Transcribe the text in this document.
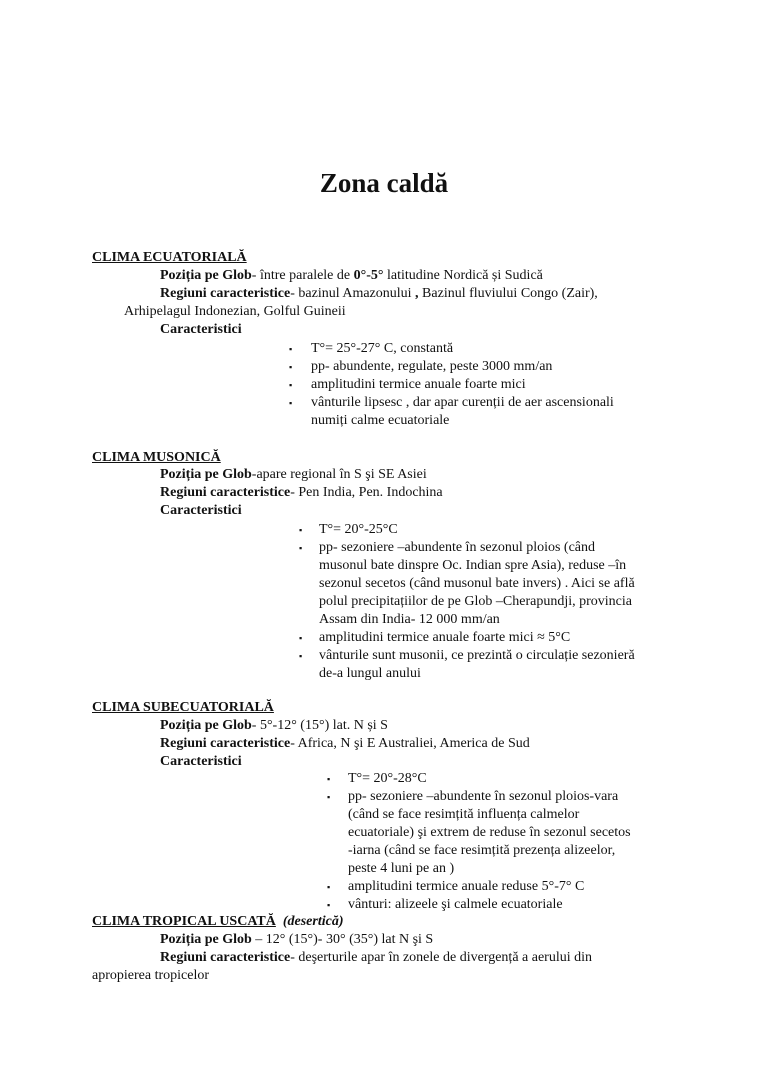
Zona caldă
CLIMA ECUATORIALĂ
Poziția pe Glob- între paralele de 0°-5° latitudine Nordică și Sudică
Regiuni caracteristice- bazinul Amazonului , Bazinul fluviului Congo (Zair),
Arhipelagul Indonezian, Golful Guineii
Caracteristici
▪ T°= 25°-27° C, constantă
▪ pp- abundente, regulate, peste 3000 mm/an
▪ amplitudini termice anuale foarte mici
▪ vânturile lipsesc , dar apar curenții de aer ascensionali
numiți calme ecuatoriale
CLIMA MUSONICĂ
Poziția pe Glob-apare regional în S şi SE Asiei
Regiuni caracteristice- Pen India, Pen. Indochina
Caracteristici
▪ T°= 20°-25°C
▪ pp- sezoniere –abundente în sezonul ploios (când
musonul bate dinspre Oc. Indian spre Asia), reduse –în
sezonul secetos (când musonul bate invers) . Aici se află
polul precipitațiilor de pe Glob –Cherapundji, provincia
Assam din India- 12 000 mm/an
▪ amplitudini termice anuale foarte mici ≈ 5°C
▪ vânturile sunt musonii, ce prezintă o circulație sezonieră
de-a lungul anului
CLIMA SUBECUATORIALĂ
Poziția pe Glob- 5°-12° (15°) lat. N și S
Regiuni caracteristice- Africa, N şi E Australiei, America de Sud
Caracteristici
▪ T°= 20°-28°C
▪ pp- sezoniere –abundente în sezonul ploios-vara
(când se face resimțită influența calmelor
ecuatoriale) şi extrem de reduse în sezonul secetos
-iarna (când se face resimțită prezența alizeelor,
peste 4 luni pe an )
▪ amplitudini termice anuale reduse 5°-7° C
▪ vânturi: alizeele şi calmele ecuatoriale
CLIMA TROPICAL USCATĂ (desertică)
Poziția pe Glob – 12° (15°)- 30° (35°) lat N şi S
Regiuni caracteristice- deşerturile apar în zonele de divergență a aerului din
apropierea tropicelor
